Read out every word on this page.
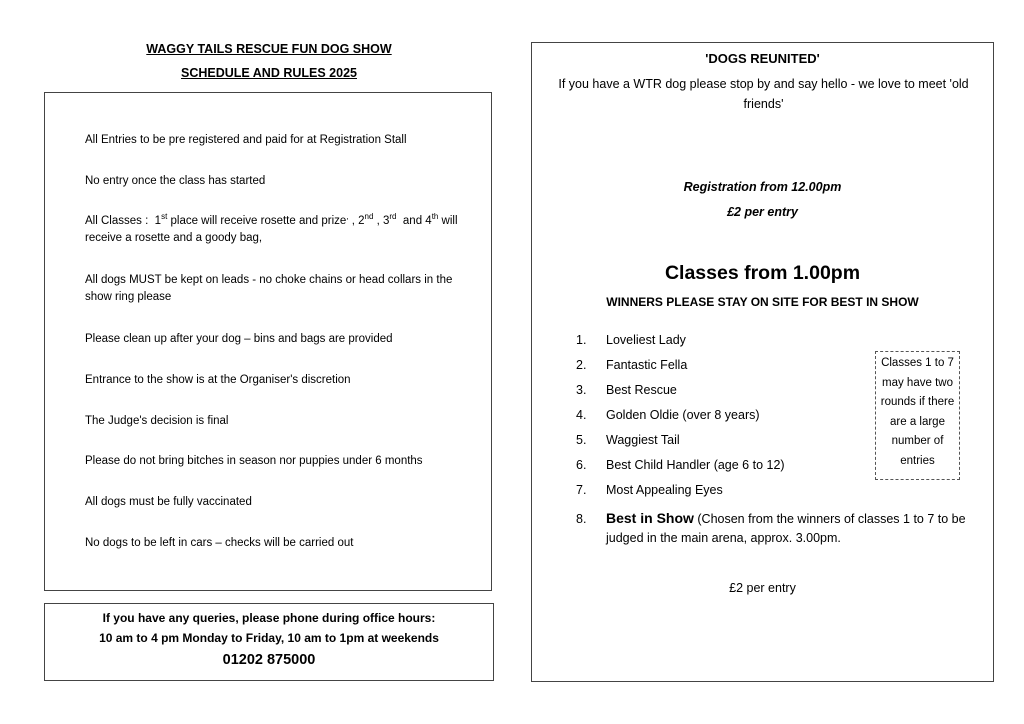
WAGGY TAILS RESCUE FUN DOG SHOW
SCHEDULE AND RULES 2025
All Entries to be pre registered and paid for at Registration Stall
No entry once the class has started
All Classes :  1st place will receive rosette and prize, , 2nd , 3rd  and 4th will receive a rosette and a goody bag,
All dogs MUST be kept on leads - no choke chains or head collars in the show ring please
Please clean up after your dog – bins and bags are provided
Entrance to the show is at the Organiser's discretion
The Judge's decision is final
Please do not bring bitches in season nor puppies under 6 months
All dogs must be fully vaccinated
No dogs to be left in cars – checks will be carried out
If you have any queries, please phone during office hours:
10 am to 4 pm Monday to Friday, 10 am to 1pm at weekends
01202 875000
'DOGS REUNITED'
If you have a WTR dog please stop by and say hello - we love to meet 'old friends'
Registration from 12.00pm
£2 per entry
Classes from 1.00pm
WINNERS PLEASE STAY ON SITE FOR BEST IN SHOW
1.	Loveliest Lady
2.	Fantastic Fella
3.	Best Rescue
4.	Golden Oldie (over 8 years)
5.	Waggiest Tail
6.	Best Child Handler (age 6 to 12)
7.	Most Appealing Eyes
8.	Best in Show (Chosen from the winners of classes 1 to 7 to be judged in the main arena, approx. 3.00pm.
Classes 1 to 7 may have two rounds if there are a large number of entries
£2 per entry
